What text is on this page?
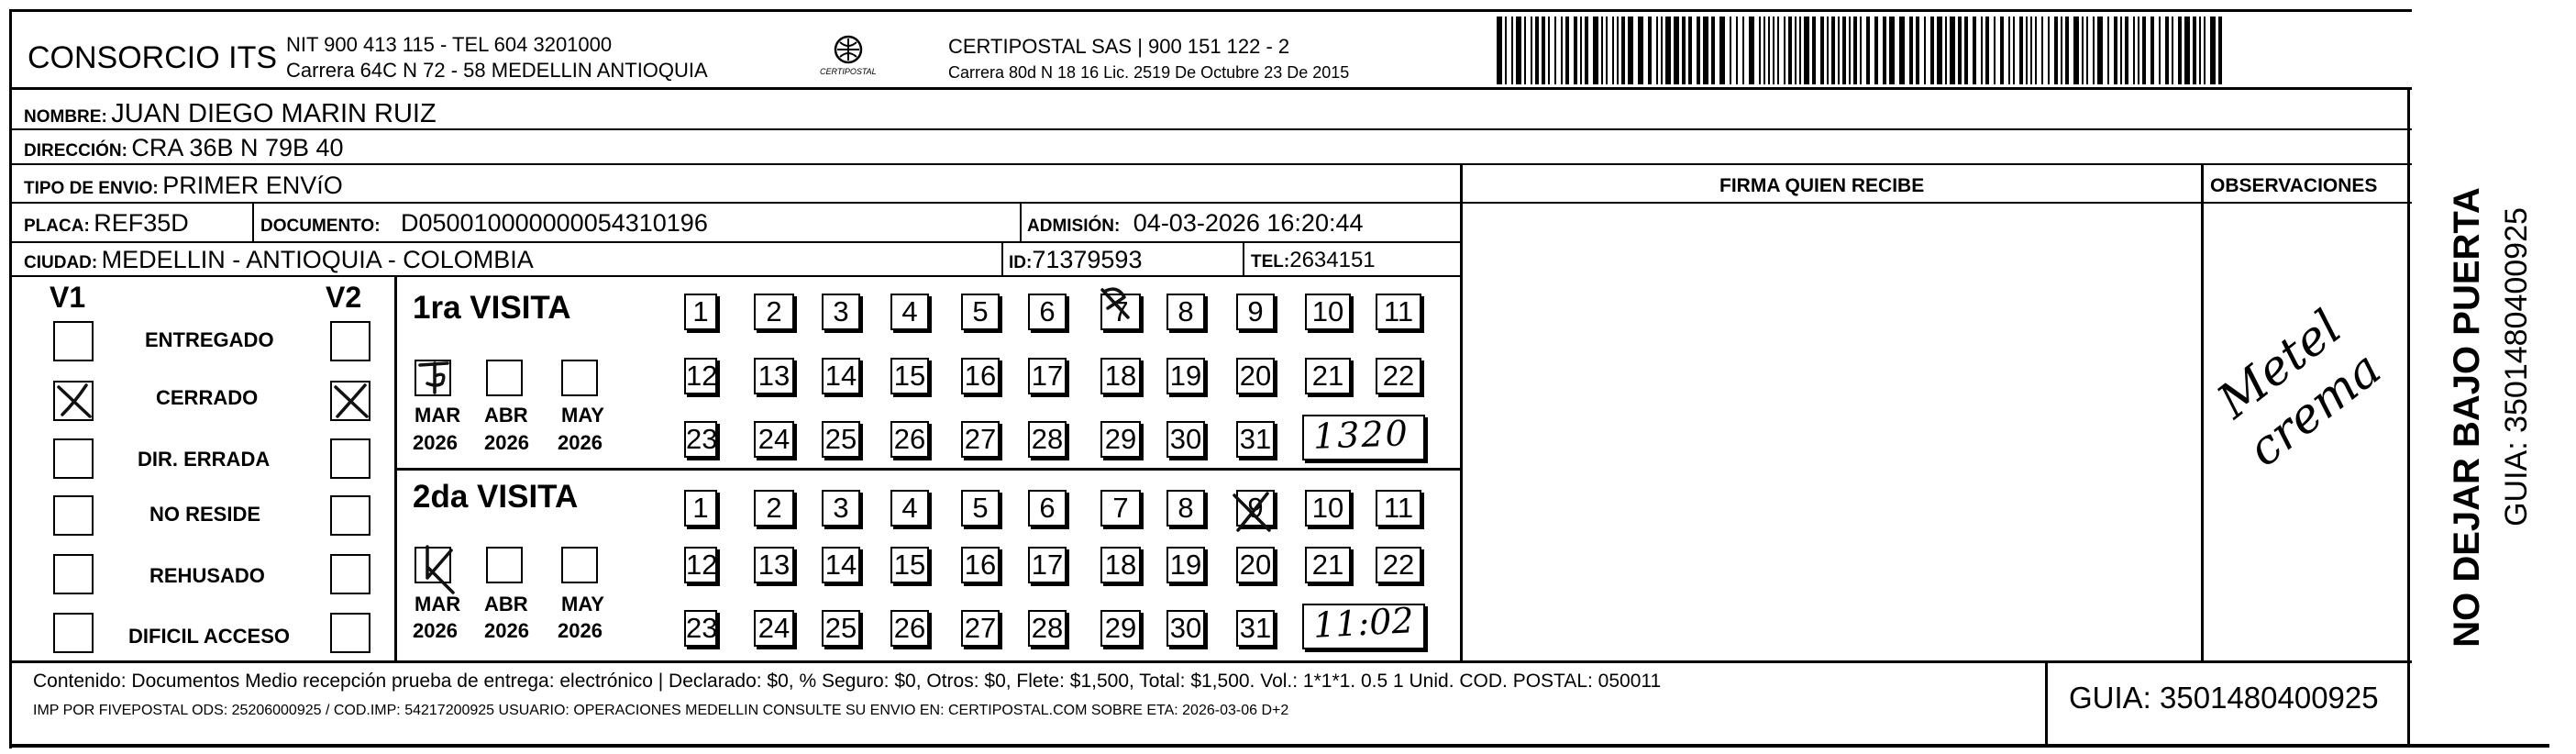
CONSORCIO ITS NIT 900 413 115 - TEL 604 3201000
Carrera 64C N 72 - 58 MEDELLIN ANTIOQUIA	CERTIPOSTAL
CERTIPOSTAL SAS | 900 151 122 - 2
Carrera 80d N 18 16 Lic. 2519 De Octubre 23 De 2015
NOMBRE: JUAN DIEGO MARIN RUIZ
DIRECCIÓN: CRA 36B N 79B 40
TIPO DE ENVIO: PRIMER ENVíO	FIRMA QUIEN RECIBE	OBSERVACIONES
PLACA: REF35D	DOCUMENTO: D050010000000054310196	ADMISIÓN: 04-03-2026 16:20:44
CIUDAD: MEDELLIN - ANTIOQUIA - COLOMBIA	ID:71379593	TEL:2634151
V1	V2
ENTREGADO
CERRADO
DIR. ERRADA
NO RESIDE
REHUSADO
DIFICIL ACCESO
1ra VISITA
MAR ABR MAY
2026 2026 2026
1	2	3	4	5	6	7	8	9	10 11
12 13 14 15 16 17 18 19 20 21 22
23 24 25 26 27 28 29 30 31 1320
2da VISITA
MAR ABR MAY
2026 2026 2026
1	2	3	4	5	6	7	8	9	10 11
12 13 14 15 16 17 18 19 20 21 22
23 24 25 26 27 28 29 30 31 11:02
Metel crema	NO DEJAR BAJO PUERTA GUIA: 3501480400925
Contenido: Documentos Medio recepción prueba de entrega: electrónico | Declarado: $0, % Seguro: $0, Otros: $0, Flete: $1,500, Total: $1,500. Vol.: 1*1*1. 0.5 1 Unid. COD. POSTAL: 050011
IMP POR FIVEPOSTAL ODS: 25206000925 / COD.IMP: 54217200925 USUARIO: OPERACIONES MEDELLIN CONSULTE SU ENVIO EN: CERTIPOSTAL.COM SOBRE ETA: 2026-03-06 D+2	GUIA: 3501480400925
